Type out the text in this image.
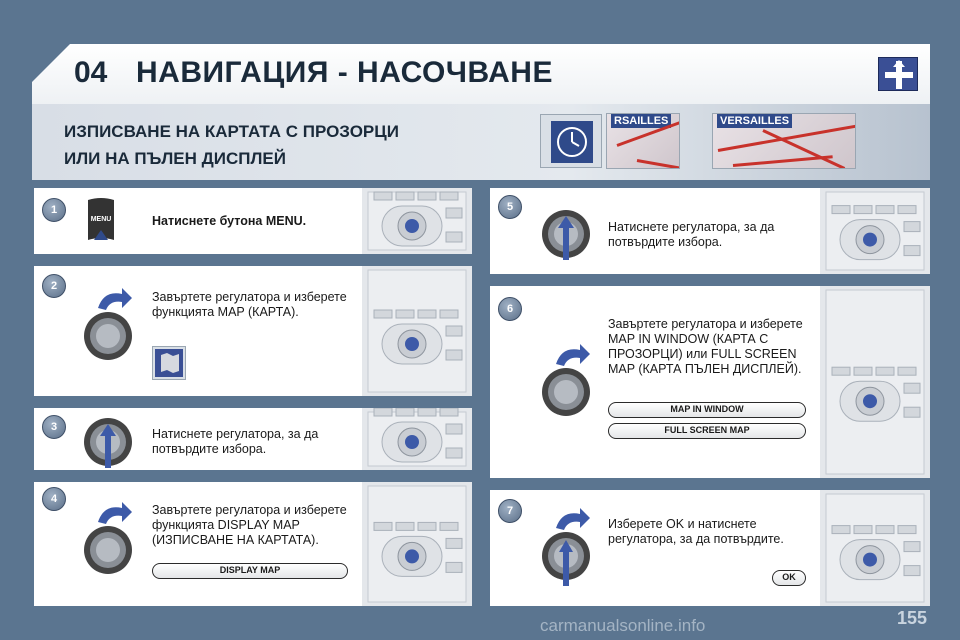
04 НАВИГАЦИЯ - НАСОЧВАНЕ
ИЗПИСВАНЕ НА КАРТАТА С ПРОЗОРЦИ
ИЛИ НА ПЪЛЕН ДИСПЛЕЙ
RSAILLES	VERSAILLES
1
2
3
4
5
6
7
MENU	Натиснете бутона MENU.
Завъртете регулатора и изберете функцията MAP (КАРТА).
Натиснете регулатора, за да потвърдите избора.
Завъртете регулатора и изберете функцията DISPLAY MAP (ИЗПИСВАНЕ НА КАРТАТА).
DISPLAY MAP
Натиснете регулатора, за да потвърдите избора.
Завъртете регулатора и изберете MAP IN WINDOW (КАРТА С ПРОЗОРЦИ) или FULL SCREEN MAP (КАРТА ПЪЛЕН ДИСПЛЕЙ).
MAP IN WINDOW
FULL SCREEN MAP
Изберете OK и натиснете регулатора, за да потвърдите.
OK
carmanualsonline.info	155
